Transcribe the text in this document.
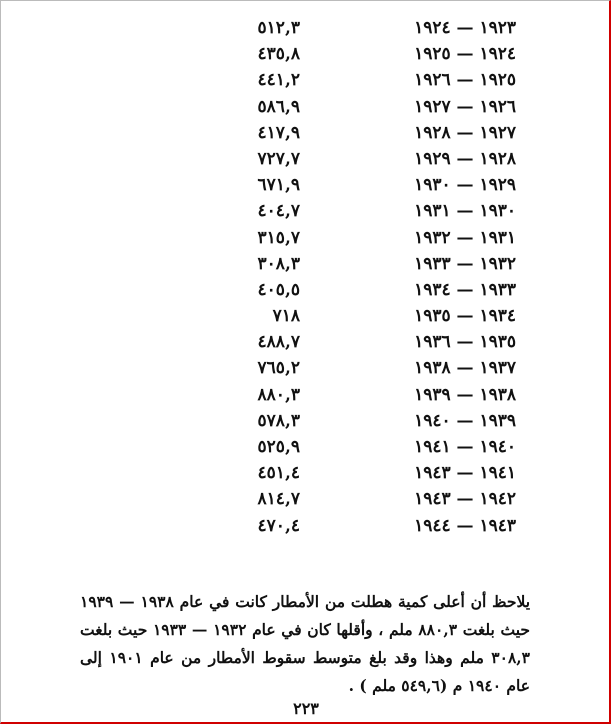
١٩٢٣ — ١٩٢٤
٥١٢,٣
١٩٢٤ — ١٩٢٥
٤٣٥,٨
١٩٢٥ — ١٩٢٦
٤٤١,٢
١٩٢٦ — ١٩٢٧
٥٨٦,٩
١٩٢٧ — ١٩٢٨
٤١٧,٩
١٩٢٨ — ١٩٢٩
٧٢٧,٧
١٩٢٩ — ١٩٣٠
٦٧١,٩
١٩٣٠ — ١٩٣١
٤٠٤,٧
١٩٣١ — ١٩٣٢
٣١٥,٧
١٩٣٢ — ١٩٣٣
٣٠٨,٣
١٩٣٣ — ١٩٣٤
٤٠٥,٥
١٩٣٤ — ١٩٣٥
٧١٨
١٩٣٥ — ١٩٣٦
٤٨٨,٧
١٩٣٧ — ١٩٣٨
٧٦٥,٢
١٩٣٨ — ١٩٣٩
٨٨٠,٣
١٩٣٩ — ١٩٤٠
٥٧٨,٣
١٩٤٠ — ١٩٤١
٥٢٥,٩
١٩٤١ — ١٩٤٣
٤٥١,٤
١٩٤٢ — ١٩٤٣
٨١٤,٧
١٩٤٣ — ١٩٤٤
٤٧٠,٤

يلاحظ أن أعلى كمية هطلت من الأمطار كانت في عام ١٩٣٨ — ١٩٣٩ حيث بلغت ٨٨٠,٣ ملم ، وأقلها كان في عام ١٩٣٢ — ١٩٣٣ حيث بلغت ٣٠٨,٣ ملم وهذا وقد بلغ متوسط سقوط الأمطار من عام ١٩٠١ إلى عام ١٩٤٠ م (٥٤٩,٦ ملم ) .

٢٢٣
